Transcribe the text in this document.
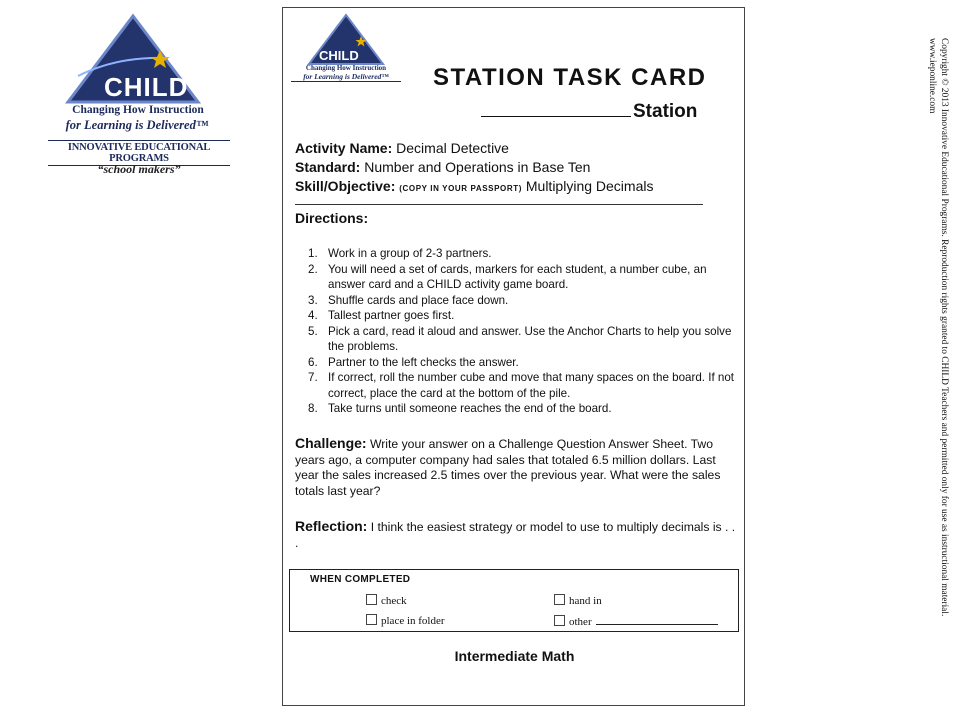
CHILD
Changing How Instruction
for Learning is Delivered™
INNOVATIVE EDUCATIONAL PROGRAMS
“school makers”
CHILD
Changing How Instruction
for Learning is Delivered™	STATION TASK CARD
Station
Activity Name: Decimal Detective
Standard: Number and Operations in Base Ten
Skill/Objective: (COPY IN YOUR PASSPORT) Multiplying Decimals
Directions:
1. Work in a group of 2-3 partners.
2. You will need a set of cards, markers for each student, a number cube, an answer card and a CHILD activity game board.
3. Shuffle cards and place face down.
4. Tallest partner goes first.
5. Pick a card, read it aloud and answer. Use the Anchor Charts to help you solve the problems.
6. Partner to the left checks the answer.
7. If correct, roll the number cube and move that many spaces on the board. If not correct, place the card at the bottom of the pile.
8. Take turns until someone reaches the end of the board.
Challenge: Write your answer on a Challenge Question Answer Sheet. Two years ago, a computer company had sales that totaled 6.5 million dollars. Last year the sales increased 2.5 times over the previous year. What were the sales totals last year?
Reflection: I think the easiest strategy or model to use to multiply decimals is . . .
WHEN COMPLETED
check	hand in
place in folder	other
Intermediate Math
Copyright © 2013 Innovative Educational Programs. Reproduction rights granted to CHILD Teachers and permitted only for use as instructional material. www.ieponline.com
